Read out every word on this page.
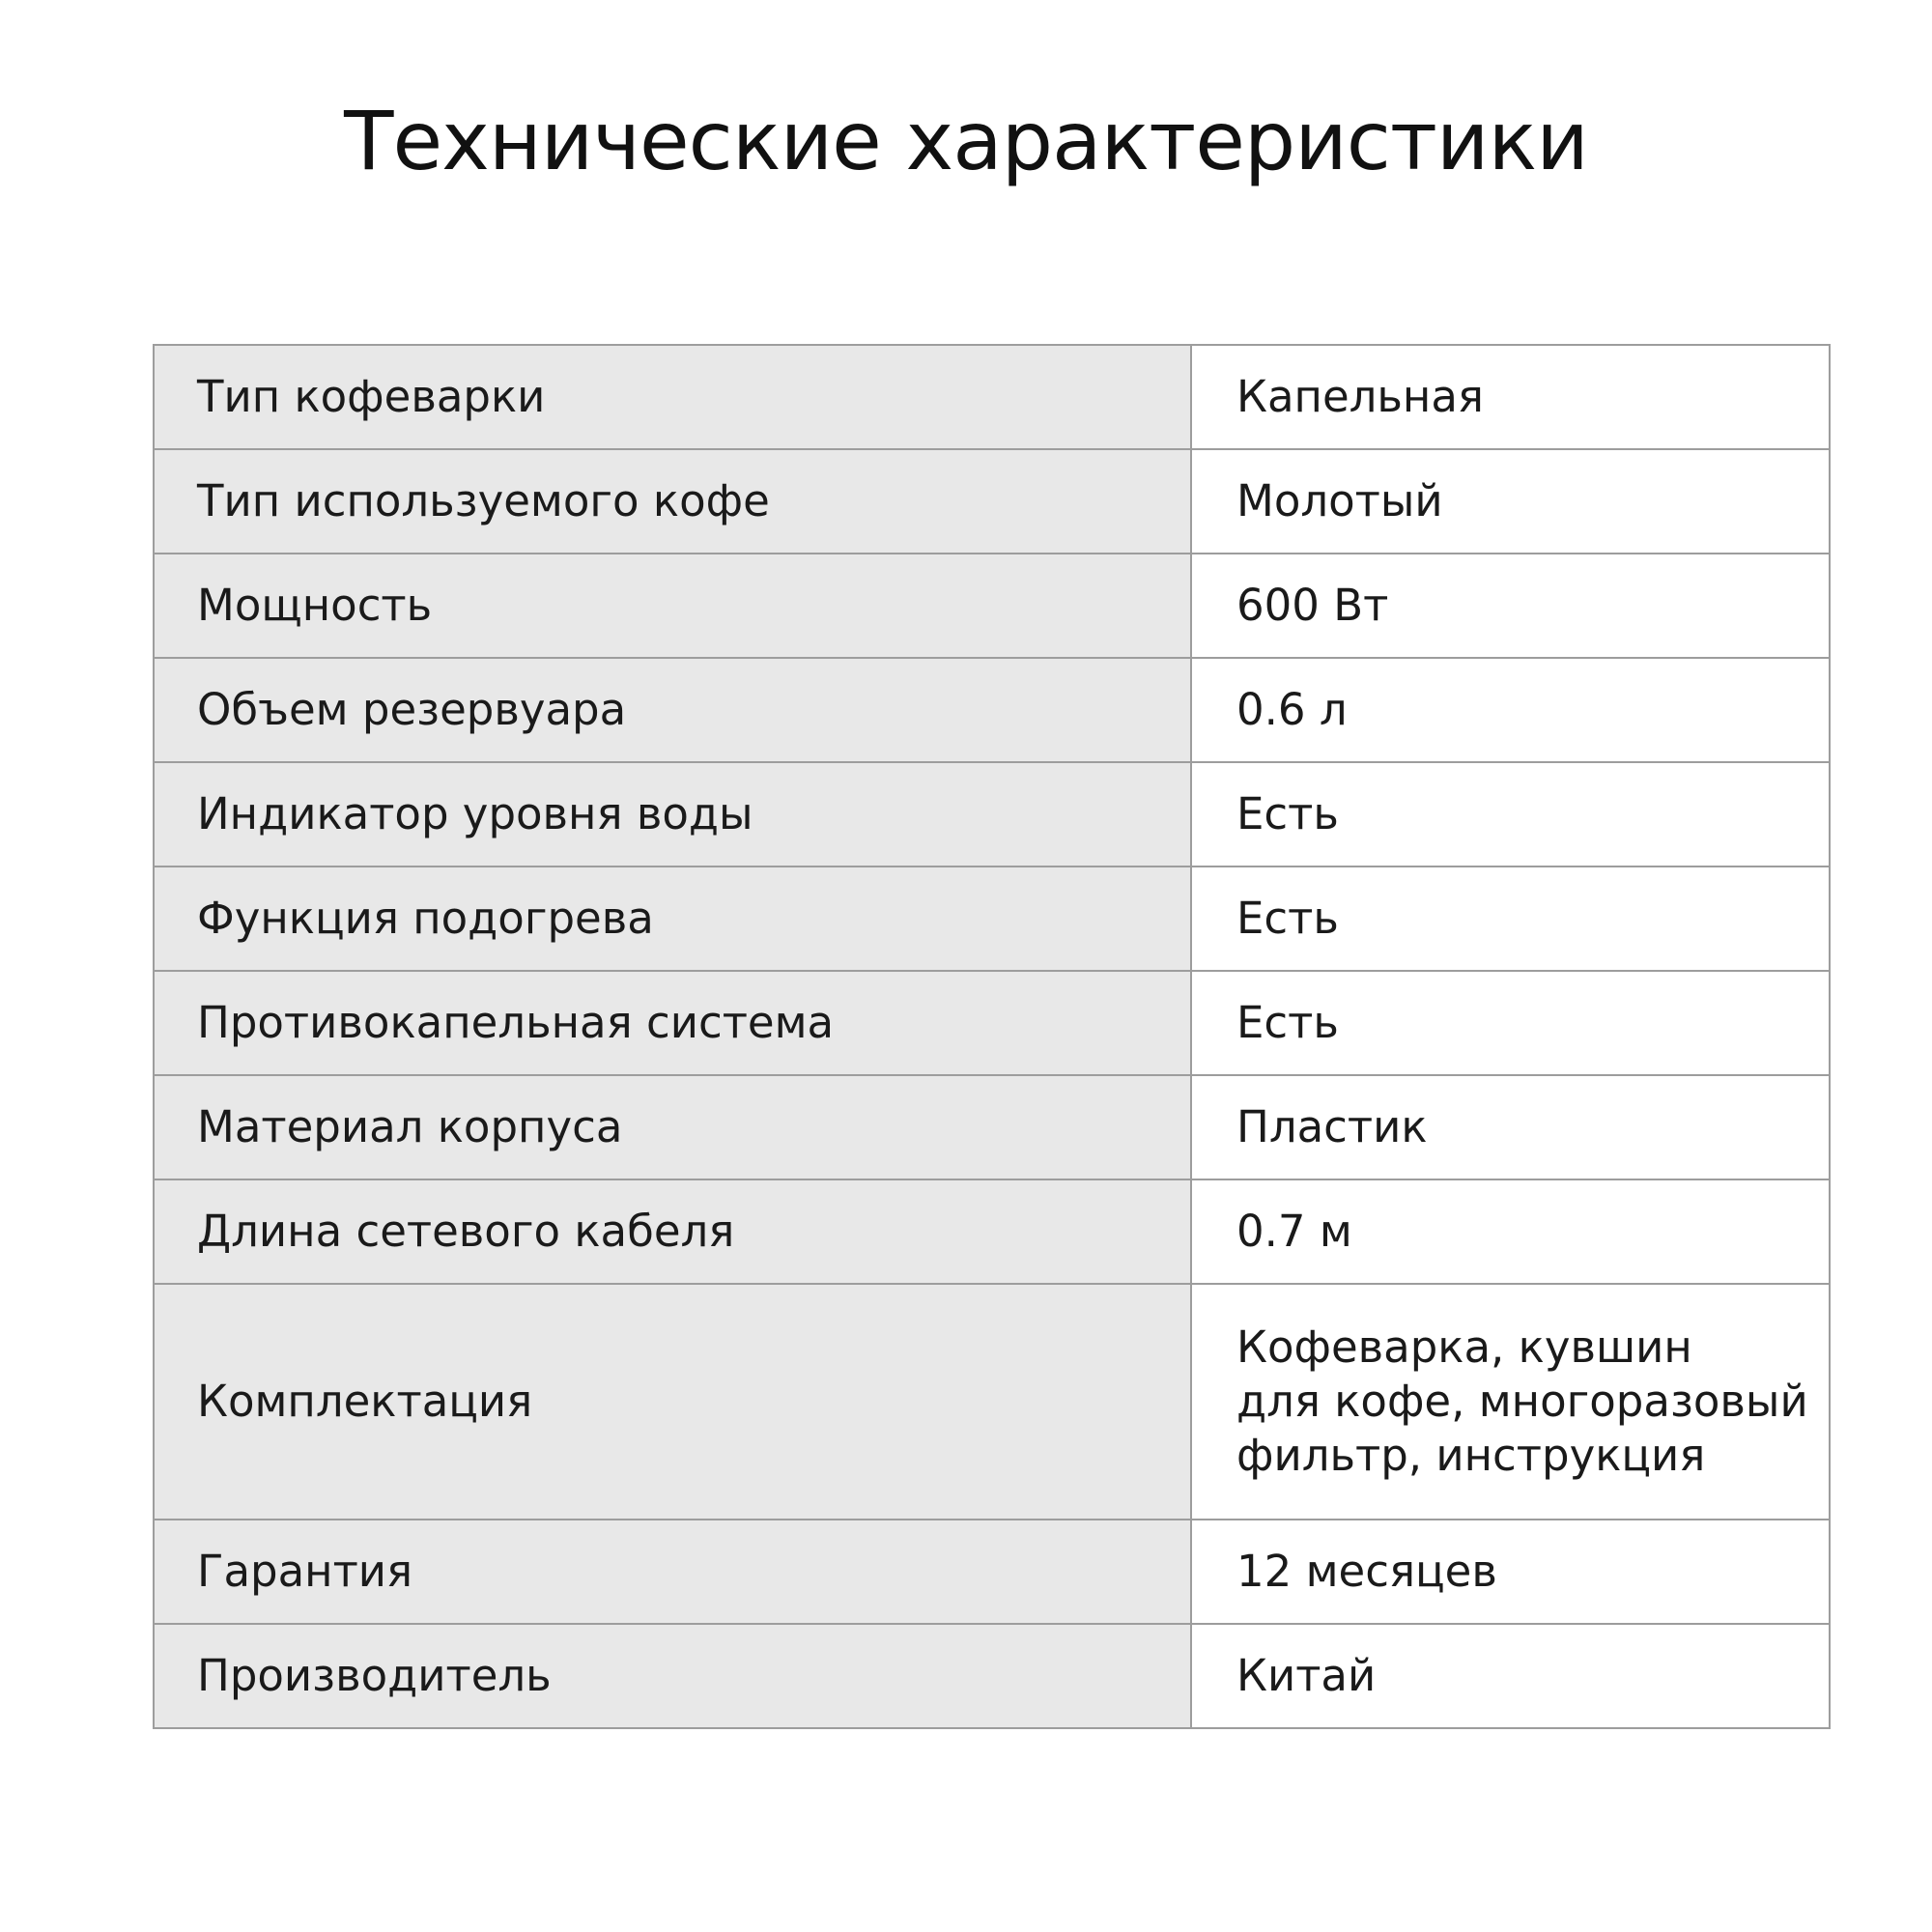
Технические характеристики
Тип кофеварки	Капельная

Тип используемого кофе	Молотый

Мощность	600 Вт

Объем резервуара	0.6 л

Индикатор уровня воды	Есть

Функция подогрева	Есть

Противокапельная система	Есть

Материал корпуса	Пластик

Длина сетевого кабеля	0.7 м

Комплектация	Кофеварка, кувшин
для кофе, многоразовый
фильтр, инструкция

Гарантия	12 месяцев

Производитель	Китай
